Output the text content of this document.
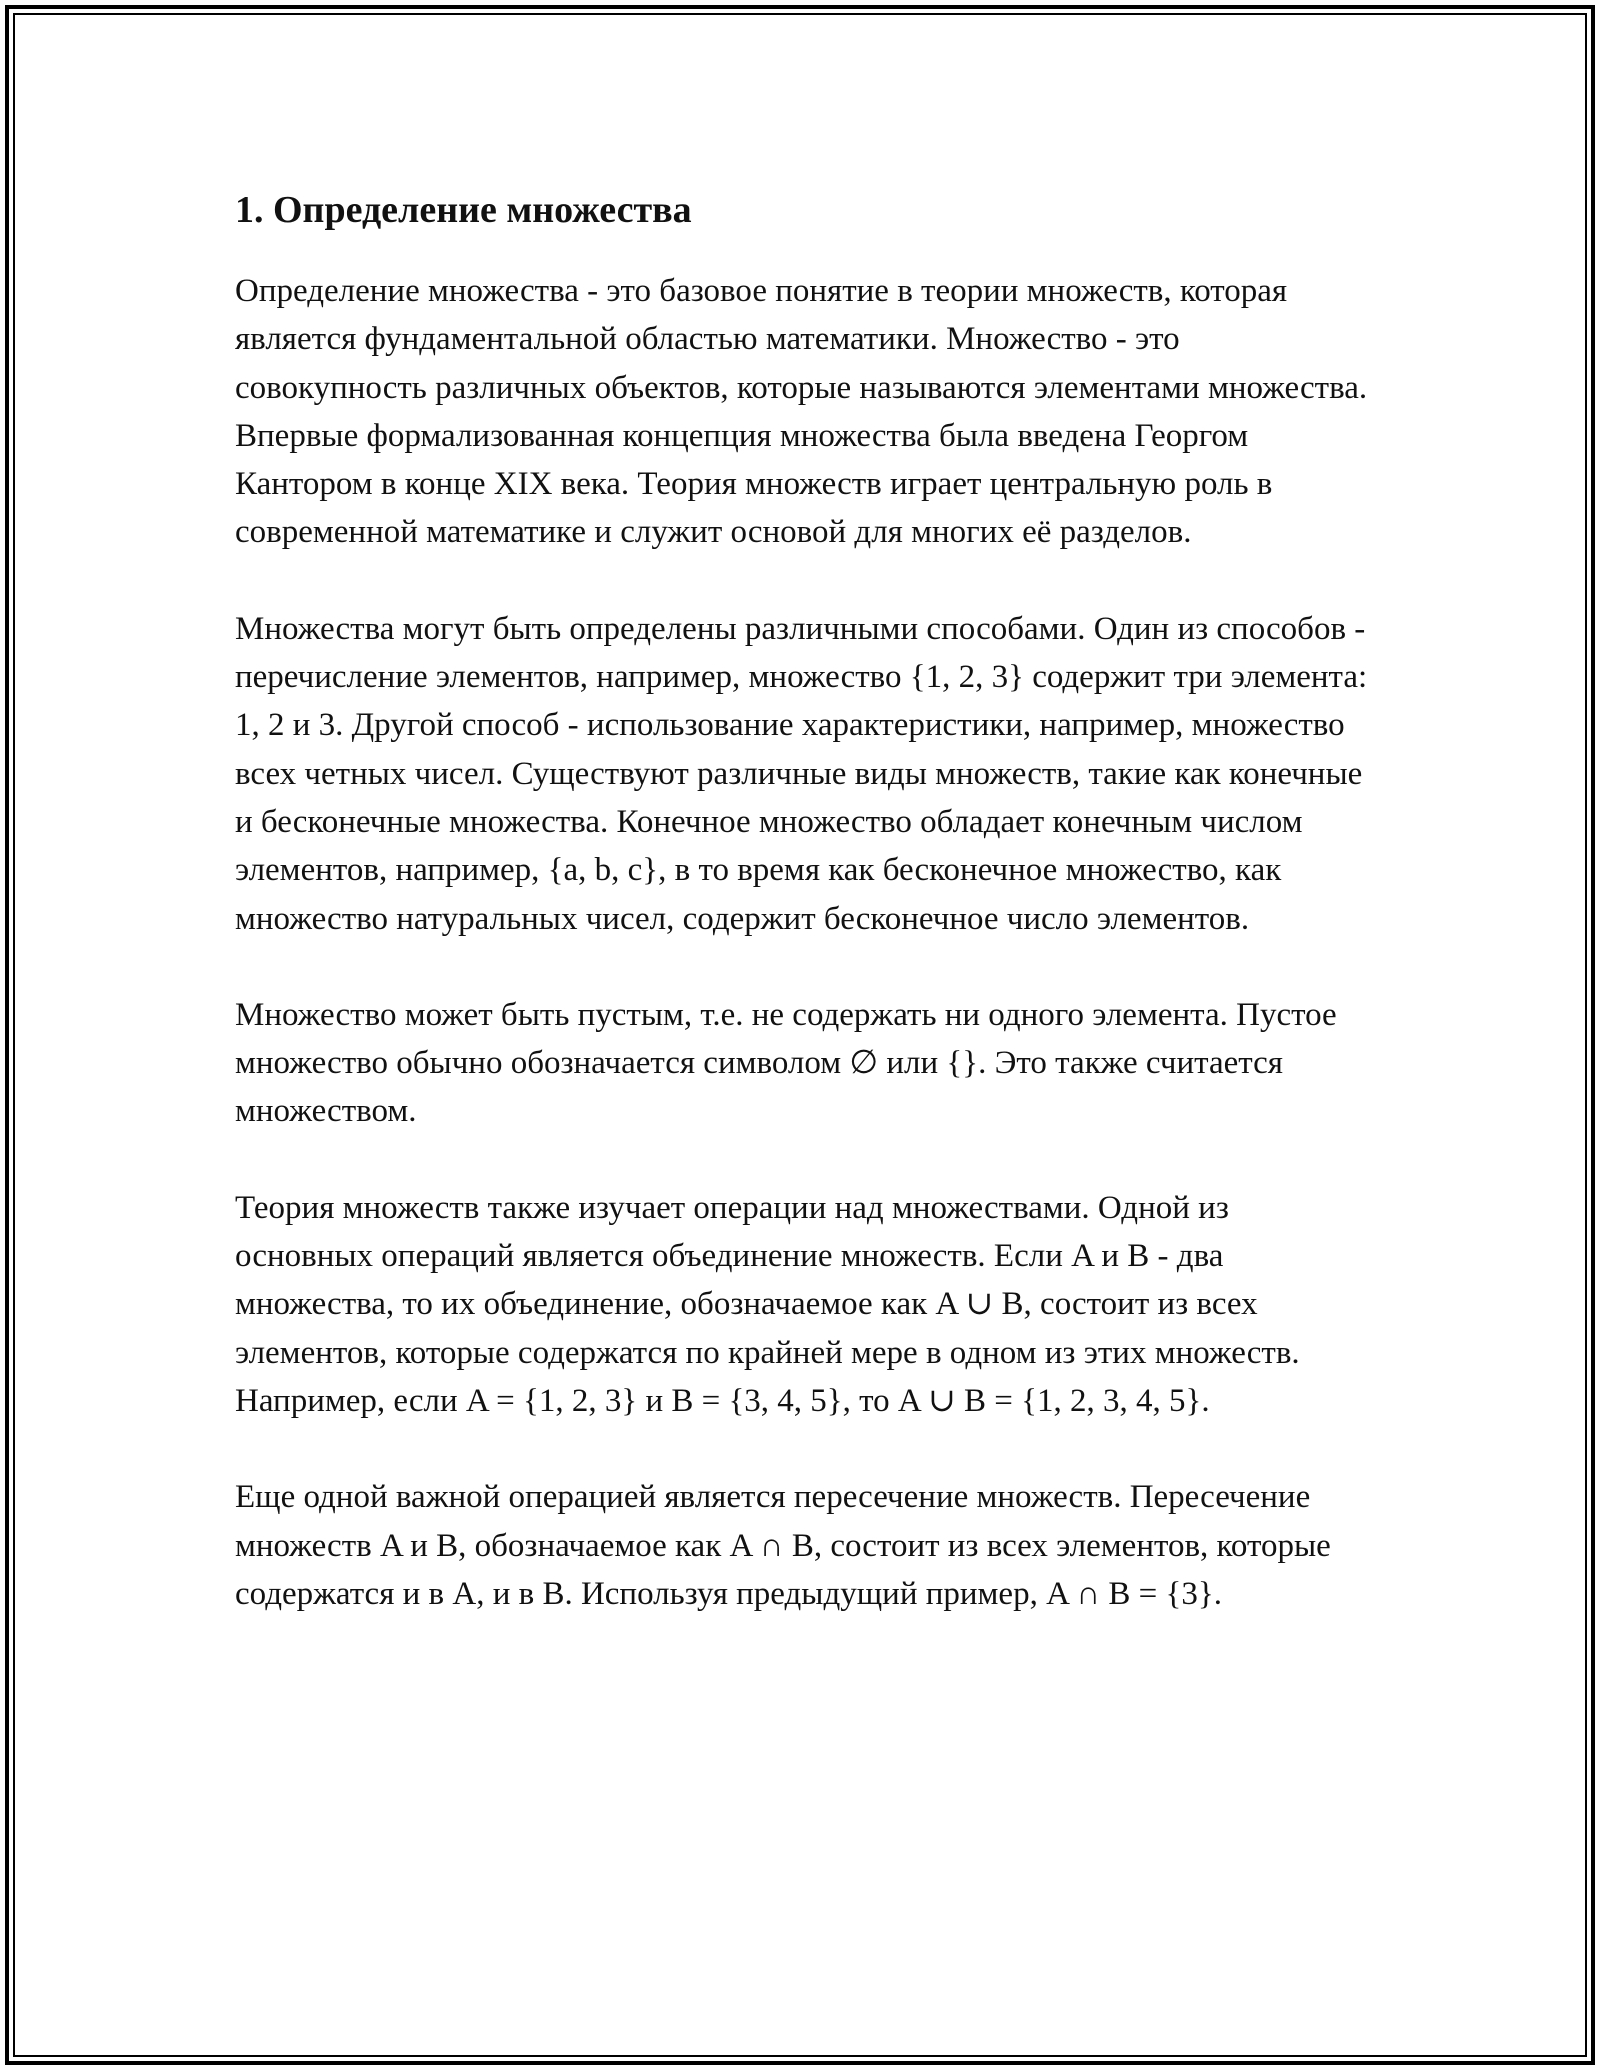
1. Определение множества

Определение множества - это базовое понятие в теории множеств, которая является фундаментальной областью математики. Множество - это совокупность различных объектов, которые называются элементами множества. Впервые формализованная концепция множества была введена Георгом Кантором в конце XIX века. Теория множеств играет центральную роль в современной математике и служит основой для многих её разделов.

Множества могут быть определены различными способами. Один из способов - перечисление элементов, например, множество {1, 2, 3} содержит три элемента: 1, 2 и 3. Другой способ - использование характеристики, например, множество всех четных чисел. Существуют различные виды множеств, такие как конечные и бесконечные множества. Конечное множество обладает конечным числом элементов, например, {a, b, c}, в то время как бесконечное множество, как множество натуральных чисел, содержит бесконечное число элементов.

Множество может быть пустым, т.е. не содержать ни одного элемента. Пустое множество обычно обозначается символом ∅ или {}. Это также считается множеством.

Теория множеств также изучает операции над множествами. Одной из основных операций является объединение множеств. Если A и B - два множества, то их объединение, обозначаемое как A ∪ B, состоит из всех элементов, которые содержатся по крайней мере в одном из этих множеств. Например, если A = {1, 2, 3} и B = {3, 4, 5}, то A ∪ B = {1, 2, 3, 4, 5}.

Еще одной важной операцией является пересечение множеств. Пересечение множеств A и B, обозначаемое как A ∩ B, состоит из всех элементов, которые содержатся и в A, и в B. Используя предыдущий пример, A ∩ B = {3}.
